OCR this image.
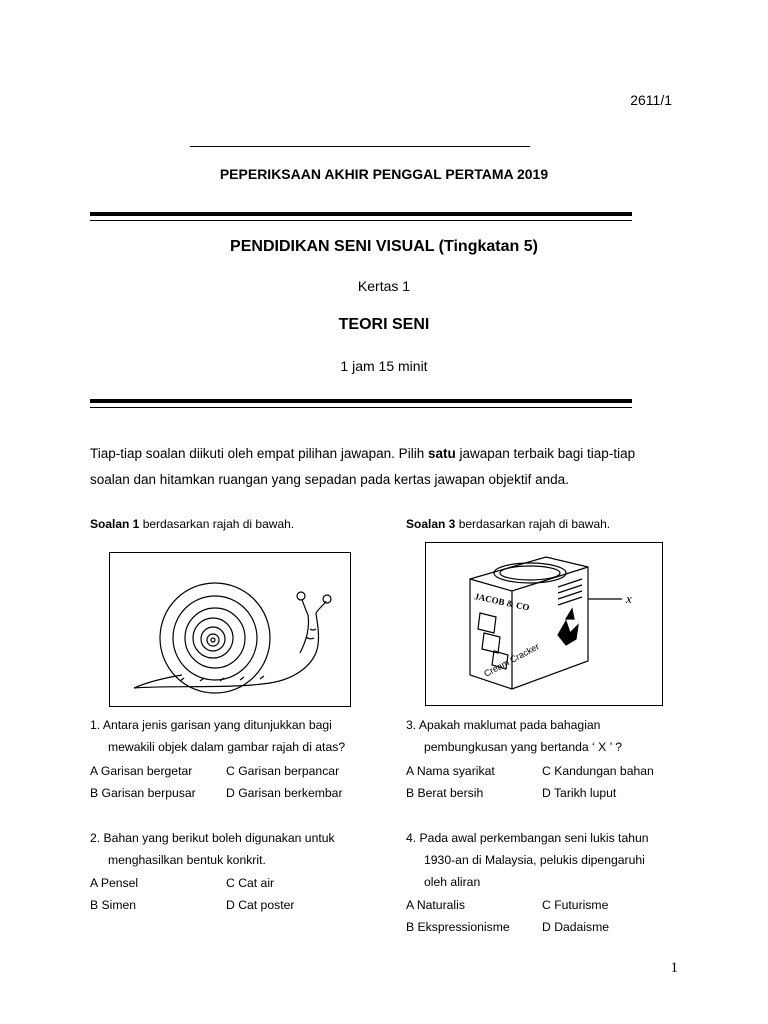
2611/1
PEPERIKSAAN AKHIR PENGGAL PERTAMA 2019
PENDIDIKAN SENI VISUAL (Tingkatan 5)
Kertas 1
TEORI SENI
1 jam 15 minit
Tiap-tiap soalan diikuti oleh empat pilihan jawapan. Pilih satu jawapan terbaik bagi tiap-tiap soalan dan hitamkan ruangan yang sepadan pada kertas jawapan objektif anda.
Soalan 1 berdasarkan rajah di bawah.
1. Antara jenis garisan yang ditunjukkan bagi
mewakili objek dalam gambar rajah di atas?
A Garisan bergetar	C Garisan berpancar
B Garisan berpusar D Garisan berkembar
2. Bahan yang berikut boleh digunakan untuk
menghasilkan bentuk konkrit.
A Pensel	C Cat air
B Simen	D Cat poster
Soalan 3 berdasarkan rajah di bawah.
JACOB & CO
Cream Cracker
x
3. Apakah maklumat pada bahagian
pembungkusan yang bertanda ‘ X ’ ?
A Nama syarikat	C Kandungan bahan
B Berat bersih	D Tarikh luput
4. Pada awal perkembangan seni lukis tahun
1930-an di Malaysia, pelukis dipengaruhi
oleh aliran
A Naturalis	C Futurisme
B Ekspressionisme	D Dadaisme
1
